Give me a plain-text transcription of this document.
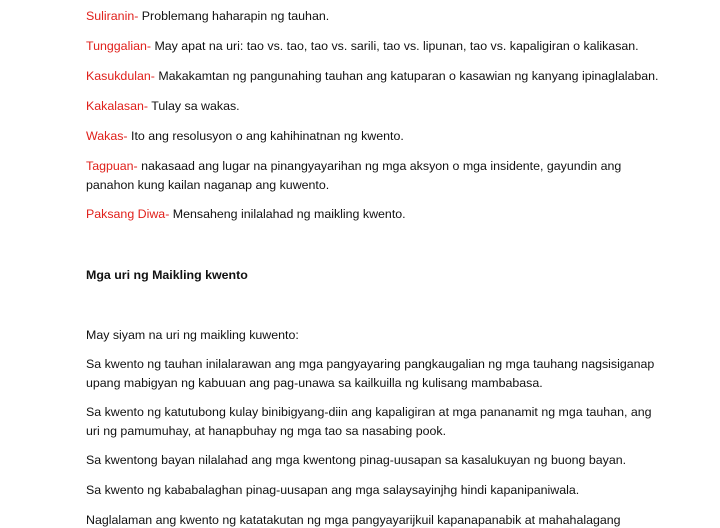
Suliranin- Problemang haharapin ng tauhan.
Tunggalian- May apat na uri: tao vs. tao, tao vs. sarili, tao vs. lipunan, tao vs. kapaligiran o kalikasan.
Kasukdulan- Makakamtan ng pangunahing tauhan ang katuparan o kasawian ng kanyang ipinaglalaban.
Kakalasan- Tulay sa wakas.
Wakas- Ito ang resolusyon o ang kahihinatnan ng kwento.
Tagpuan- nakasaad ang lugar na pinangyayarihan ng mga aksyon o mga insidente, gayundin ang
panahon kung kailan naganap ang kuwento.
Paksang Diwa- Mensaheng inilalahad ng maikling kwento.
Mga uri ng Maikling kwento
May siyam na uri ng maikling kuwento:
Sa kwento ng tauhan inilalarawan ang mga pangyayaring pangkaugalian ng mga tauhang nagsisiganap
upang mabigyan ng kabuuan ang pag-unawa sa kailkuilla ng kulisang mambabasa.
Sa kwento ng katutubong kulay binibigyang-diin ang kapaligiran at mga pananamit ng mga tauhan, ang
uri ng pamumuhay, at hanapbuhay ng mga tao sa nasabing pook.
Sa kwentong bayan nilalahad ang mga kwentong pinag-uusapan sa kasalukuyan ng buong bayan.
Sa kwento ng kababalaghan pinag-uusapan ang mga salaysayinjhg hindi kapanipaniwala.
Naglalaman ang kwento ng katatakutan ng mga pangyayarijkuil kapanapanabik at mahahalagang
